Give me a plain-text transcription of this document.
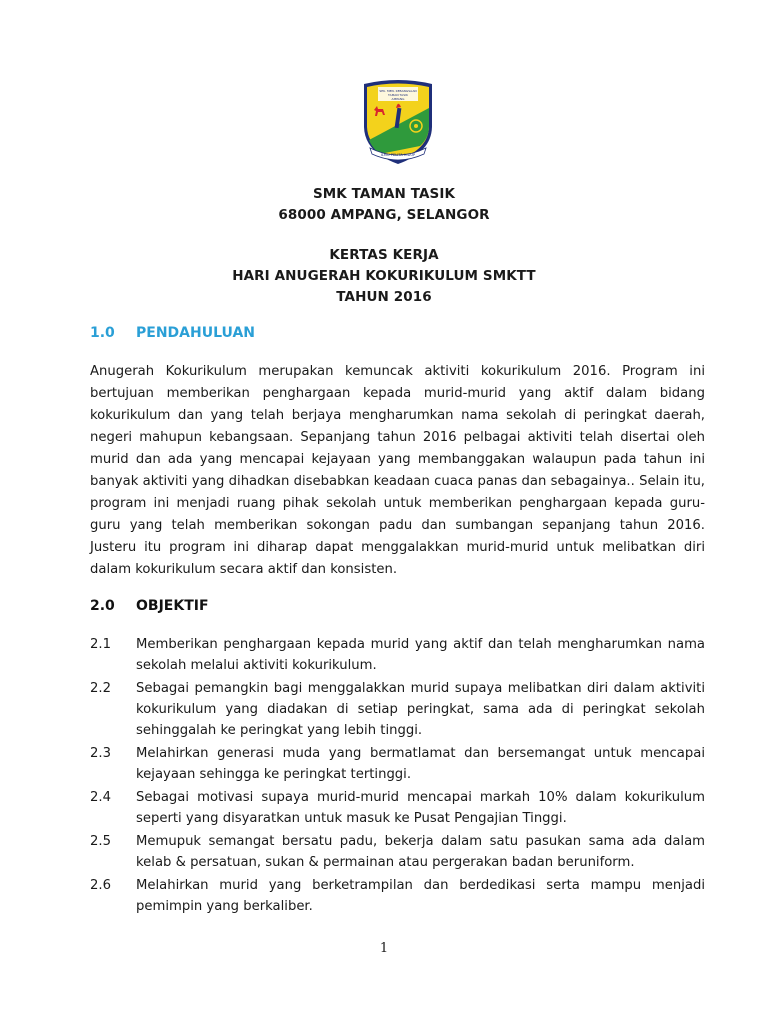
SEK. MEN. KEBANGSAAN
TAMAN TASIK
AMPANG
ILMU PELITA HIDUP
SMK TAMAN TASIK
68000 AMPANG, SELANGOR
KERTAS KERJA
HARI ANUGERAH KOKURIKULUM SMKTT
TAHUN 2016
1.0 PENDAHULUAN
Anugerah Kokurikulum merupakan kemuncak aktiviti kokurikulum 2016. Program ini
bertujuan memberikan penghargaan kepada murid-murid yang aktif dalam bidang
kokurikulum dan yang telah berjaya mengharumkan nama sekolah di peringkat daerah,
negeri mahupun kebangsaan. Sepanjang tahun 2016 pelbagai aktiviti telah disertai oleh
murid dan ada yang mencapai kejayaan yang membanggakan walaupun pada tahun ini
banyak aktiviti yang dihadkan disebabkan keadaan cuaca panas dan sebagainya.. Selain itu,
program ini menjadi ruang pihak sekolah untuk memberikan penghargaan kepada guru-
guru yang telah memberikan sokongan padu dan sumbangan sepanjang tahun 2016.
Justeru itu program ini diharap dapat menggalakkan murid-murid untuk melibatkan diri
dalam kokurikulum secara aktif dan konsisten.
2.0 OBJEKTIF
2.1 Memberikan penghargaan kepada murid yang aktif dan telah mengharumkan nama
sekolah melalui aktiviti kokurikulum.
2.2 Sebagai pemangkin bagi menggalakkan murid supaya melibatkan diri dalam aktiviti
kokurikulum yang diadakan di setiap peringkat, sama ada di peringkat sekolah
sehinggalah ke peringkat yang lebih tinggi.
2.3 Melahirkan generasi muda yang bermatlamat dan bersemangat untuk mencapai
kejayaan sehingga ke peringkat tertinggi.
2.4 Sebagai motivasi supaya murid-murid mencapai markah 10% dalam kokurikulum
seperti yang disyaratkan untuk masuk ke Pusat Pengajian Tinggi.
2.5 Memupuk semangat bersatu padu, bekerja dalam satu pasukan sama ada dalam
kelab & persatuan, sukan & permainan atau pergerakan badan beruniform.
2.6 Melahirkan murid yang berketrampilan dan berdedikasi serta mampu menjadi
pemimpin yang berkaliber.
1
